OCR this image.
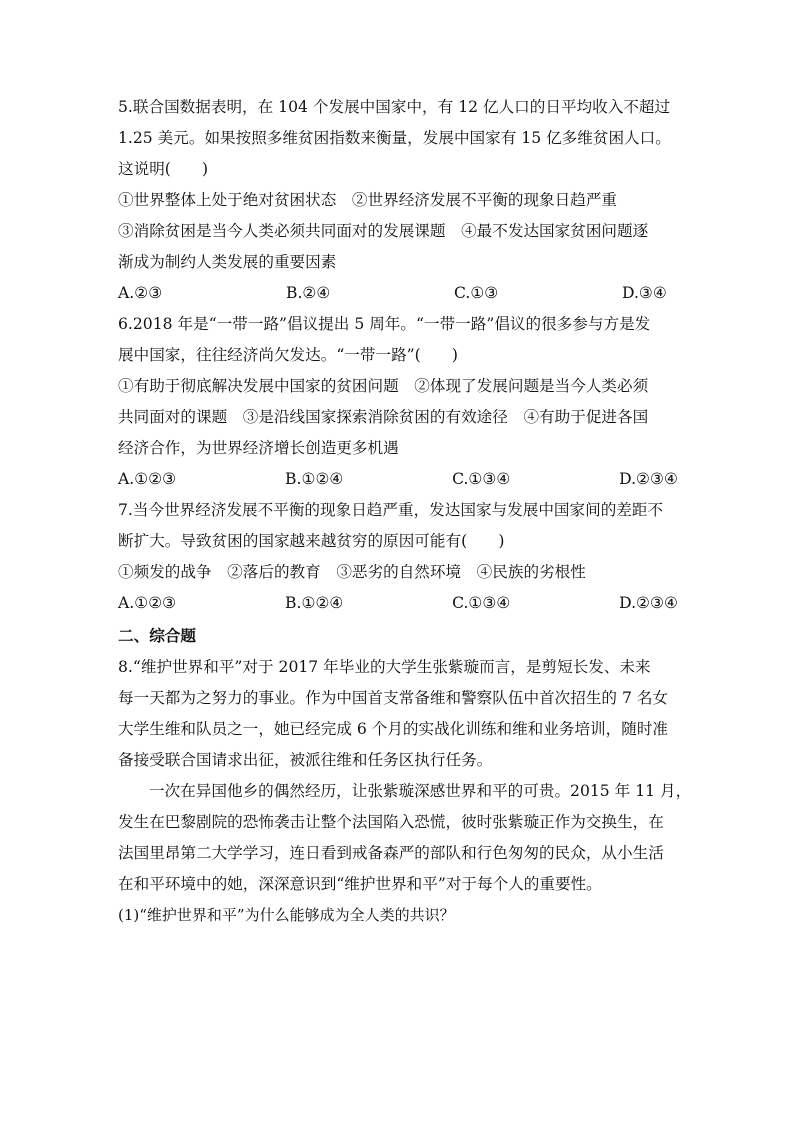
5.联合国数据表明，在 104 个发展中国家中，有 12 亿人口的日平均收入不超过
1.25 美元。如果按照多维贫困指数来衡量，发展中国家有 15 亿多维贫困人口。
这说明(　　)
①世界整体上处于绝对贫困状态　②世界经济发展不平衡的现象日趋严重
③消除贫困是当今人类必须共同面对的发展课题　④最不发达国家贫困问题逐
渐成为制约人类发展的重要因素
A.②③	B.②④	C.①③	D.③④
6.2018 年是“一带一路”倡议提出 5 周年。“一带一路”倡议的很多参与方是发
展中国家，往往经济尚欠发达。“一带一路”(　　)
①有助于彻底解决发展中国家的贫困问题　②体现了发展问题是当今人类必须
共同面对的课题　③是沿线国家探索消除贫困的有效途径　④有助于促进各国
经济合作，为世界经济增长创造更多机遇
A.①②③	B.①②④	C.①③④	D.②③④
7.当今世界经济发展不平衡的现象日趋严重，发达国家与发展中国家间的差距不
断扩大。导致贫困的国家越来越贫穷的原因可能有(　　)
①频发的战争　②落后的教育　③恶劣的自然环境　④民族的劣根性
A.①②③	B.①②④	C.①③④	D.②③④
二、综合题
8.“维护世界和平”对于 2017 年毕业的大学生张紫璇而言，是剪短长发、未来
每一天都为之努力的事业。作为中国首支常备维和警察队伍中首次招生的 7 名女
大学生维和队员之一，她已经完成 6 个月的实战化训练和维和业务培训，随时准
备接受联合国请求出征，被派往维和任务区执行任务。
一次在异国他乡的偶然经历，让张紫璇深感世界和平的可贵。2015 年 11 月，
发生在巴黎剧院的恐怖袭击让整个法国陷入恐慌，彼时张紫璇正作为交换生，在
法国里昂第二大学学习，连日看到戒备森严的部队和行色匆匆的民众，从小生活
在和平环境中的她，深深意识到“维护世界和平”对于每个人的重要性。
(1)“维护世界和平”为什么能够成为全人类的共识？
